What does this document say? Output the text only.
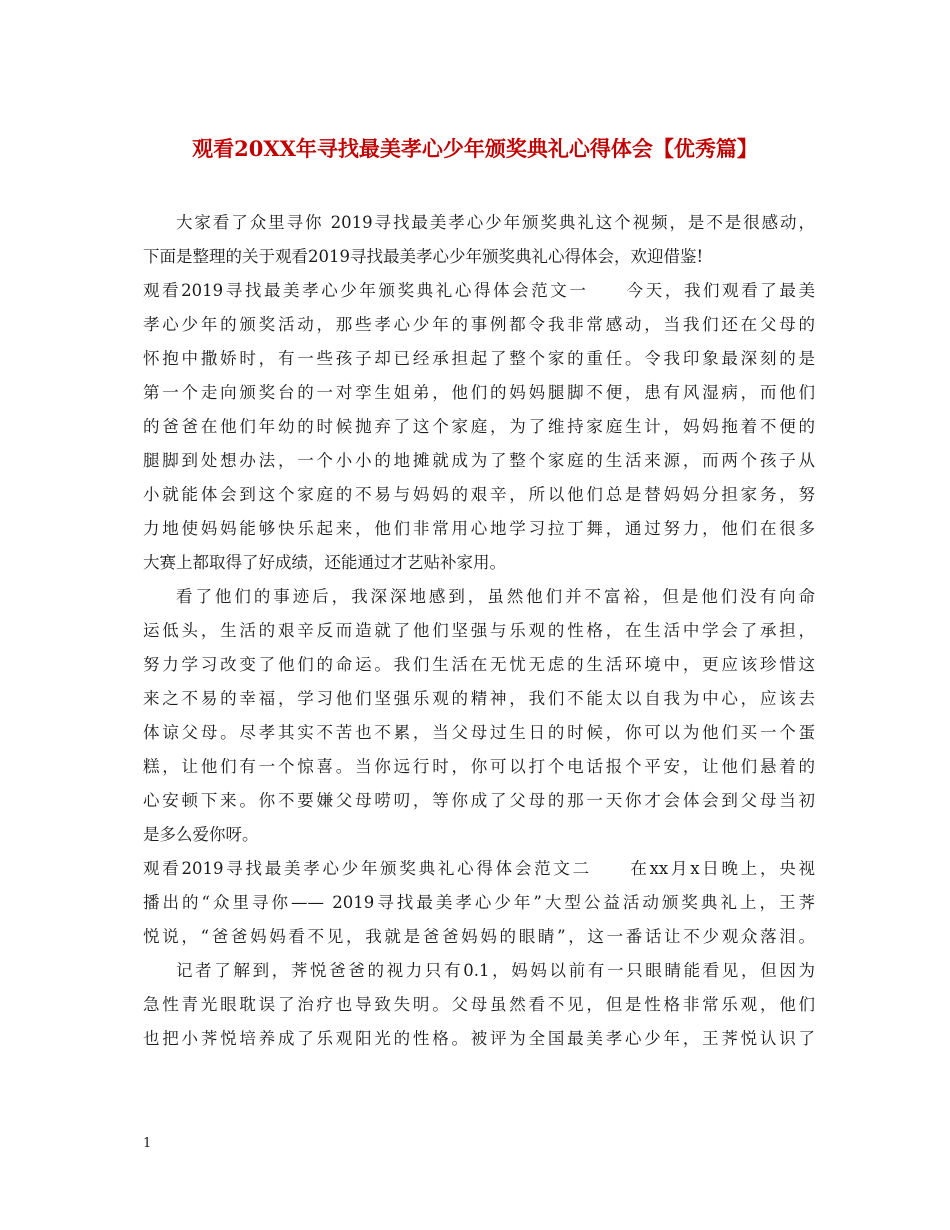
观看20XX年寻找最美孝心少年颁奖典礼心得体会【优秀篇】
大家看了众里寻你 2019寻找最美孝心少年颁奖典礼这个视频，是不是很感动，
下面是整理的关于观看2019寻找最美孝心少年颁奖典礼心得体会，欢迎借鉴!
观看2019寻找最美孝心少年颁奖典礼心得体会范文一　　今天，我们观看了最美
孝心少年的颁奖活动，那些孝心少年的事例都令我非常感动，当我们还在父母的
怀抱中撒娇时，有一些孩子却已经承担起了整个家的重任。令我印象最深刻的是
第一个走向颁奖台的一对孪生姐弟，他们的妈妈腿脚不便，患有风湿病，而他们
的爸爸在他们年幼的时候抛弃了这个家庭，为了维持家庭生计，妈妈拖着不便的
腿脚到处想办法，一个小小的地摊就成为了整个家庭的生活来源，而两个孩子从
小就能体会到这个家庭的不易与妈妈的艰辛，所以他们总是替妈妈分担家务，努
力地使妈妈能够快乐起来，他们非常用心地学习拉丁舞，通过努力，他们在很多
大赛上都取得了好成绩，还能通过才艺贴补家用。
看了他们的事迹后，我深深地感到，虽然他们并不富裕，但是他们没有向命
运低头，生活的艰辛反而造就了他们坚强与乐观的性格，在生活中学会了承担，
努力学习改变了他们的命运。我们生活在无忧无虑的生活环境中，更应该珍惜这
来之不易的幸福，学习他们坚强乐观的精神，我们不能太以自我为中心，应该去
体谅父母。尽孝其实不苦也不累，当父母过生日的时候，你可以为他们买一个蛋
糕，让他们有一个惊喜。当你远行时，你可以打个电话报个平安，让他们悬着的
心安顿下来。你不要嫌父母唠叨，等你成了父母的那一天你才会体会到父母当初
是多么爱你呀。
观看2019寻找最美孝心少年颁奖典礼心得体会范文二　　在xx月x日晚上，央视
播出的“众里寻你—— 2019寻找最美孝心少年”大型公益活动颁奖典礼上，王荠
悦说，“爸爸妈妈看不见，我就是爸爸妈妈的眼睛”，这一番话让不少观众落泪。
记者了解到，荠悦爸爸的视力只有0.1，妈妈以前有一只眼睛能看见，但因为
急性青光眼耽误了治疗也导致失明。父母虽然看不见，但是性格非常乐观，他们
也把小荠悦培养成了乐观阳光的性格。被评为全国最美孝心少年，王荠悦认识了
1
